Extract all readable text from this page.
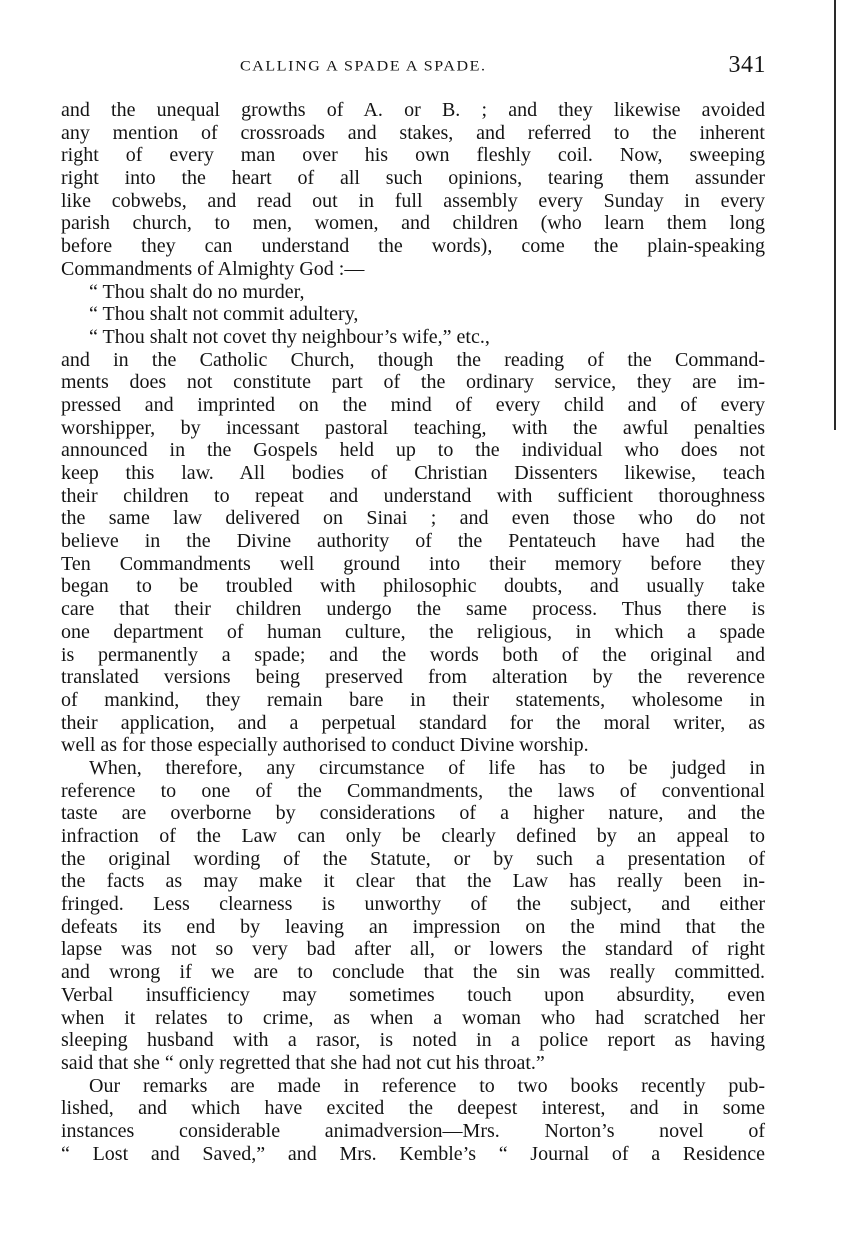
CALLING A SPADE A SPADE.	341
and the unequal growths of A. or B. ; and they likewise avoided
any mention of crossroads and stakes, and referred to the inherent
right of every man over his own fleshly coil. Now, sweeping
right into the heart of all such opinions, tearing them assunder
like cobwebs, and read out in full assembly every Sunday in every
parish church, to men, women, and children (who learn them long
before they can understand the words), come the plain-speaking
Commandments of Almighty God :—
“ Thou shalt do no murder,
“ Thou shalt not commit adultery,
“ Thou shalt not covet thy neighbour’s wife,” etc.,
and in the Catholic Church, though the reading of the Command-
ments does not constitute part of the ordinary service, they are im-
pressed and imprinted on the mind of every child and of every
worshipper, by incessant pastoral teaching, with the awful penalties
announced in the Gospels held up to the individual who does not
keep this law. All bodies of Christian Dissenters likewise, teach
their children to repeat and understand with sufficient thoroughness
the same law delivered on Sinai ; and even those who do not
believe in the Divine authority of the Pentateuch have had the
Ten Commandments well ground into their memory before they
began to be troubled with philosophic doubts, and usually take
care that their children undergo the same process. Thus there is
one department of human culture, the religious, in which a spade
is permanently a spade; and the words both of the original and
translated versions being preserved from alteration by the reverence
of mankind, they remain bare in their statements, wholesome in
their application, and a perpetual standard for the moral writer, as
well as for those especially authorised to conduct Divine worship.
When, therefore, any circumstance of life has to be judged in
reference to one of the Commandments, the laws of conventional
taste are overborne by considerations of a higher nature, and the
infraction of the Law can only be clearly defined by an appeal to
the original wording of the Statute, or by such a presentation of
the facts as may make it clear that the Law has really been in-
fringed. Less clearness is unworthy of the subject, and either
defeats its end by leaving an impression on the mind that the
lapse was not so very bad after all, or lowers the standard of right
and wrong if we are to conclude that the sin was really committed.
Verbal insufficiency may sometimes touch upon absurdity, even
when it relates to crime, as when a woman who had scratched her
sleeping husband with a rasor, is noted in a police report as having
said that she “ only regretted that she had not cut his throat.”
Our remarks are made in reference to two books recently pub-
lished, and which have excited the deepest interest, and in some
instances considerable animadversion—Mrs. Norton’s novel of
“ Lost and Saved,” and Mrs. Kemble’s “ Journal of a Residence
